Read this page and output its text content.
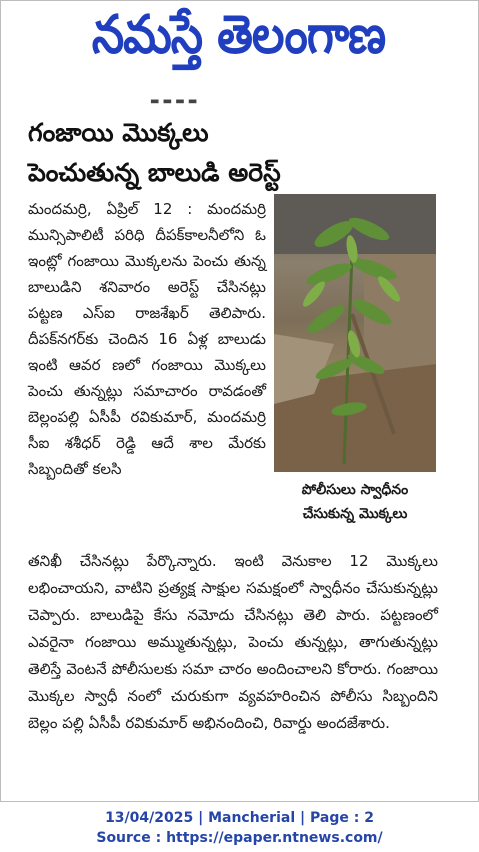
నమస్తే తెలంగాణ
▬ ▬ ▬ ▬
గంజాయి మొక్కలు
పెంచుతున్న బాలుడి అరెస్ట్

మందమర్రి, ఏప్రిల్ 12 : మందమర్రి మున్సిపాలిటీ పరిధి దీపక్‌కాలనీలోని ఓ ఇంట్లో గంజాయి మొక్కలను పెంచు తున్న బాలుడిని శనివారం అరెస్ట్ చేసినట్లు పట్టణ ఎస్ఐ రాజశేఖర్ తెలిపారు. దీపక్‌నగర్‌కు చెందిన 16 ఏళ్ల బాలుడు ఇంటి ఆవర ణలో గంజాయి మొక్కలు పెంచు తున్నట్లు సమాచారం రావడంతో బెల్లంపల్లి ఏసీపీ రవికుమార్, మందమర్రి సీఐ శశీధర్ రెడ్డి ఆదే శాల మేరకు సిబ్బందితో కలసి

పోలీసులు స్వాధీనం చేసుకున్న మొక్కలు

తనిఖీ చేసినట్లు పేర్కొన్నారు. ఇంటి వెనుకాల 12 మొక్కలు లభించాయని, వాటిని ప్రత్యక్ష సాక్షుల సమక్షంలో స్వాధీనం చేసుకున్నట్లు చెప్పారు. బాలుడిపై కేసు నమోదు చేసినట్లు తెలి పారు. పట్టణంలో ఎవరైనా గంజాయి అమ్ముతున్నట్లు, పెంచు తున్నట్లు, తాగుతున్నట్లు తెలిస్తే వెంటనే పోలీసులకు సమా చారం అందించాలని కోరారు. గంజాయి మొక్కల స్వాధీ నంలో చురుకుగా వ్యవహరించిన పోలీసు సిబ్బందిని బెల్లం పల్లి ఏసీపీ రవికుమార్ అభినందించి, రివార్డు అందజేశారు.

13/04/2025 | Mancherial | Page : 2
Source : https://epaper.ntnews.com/
